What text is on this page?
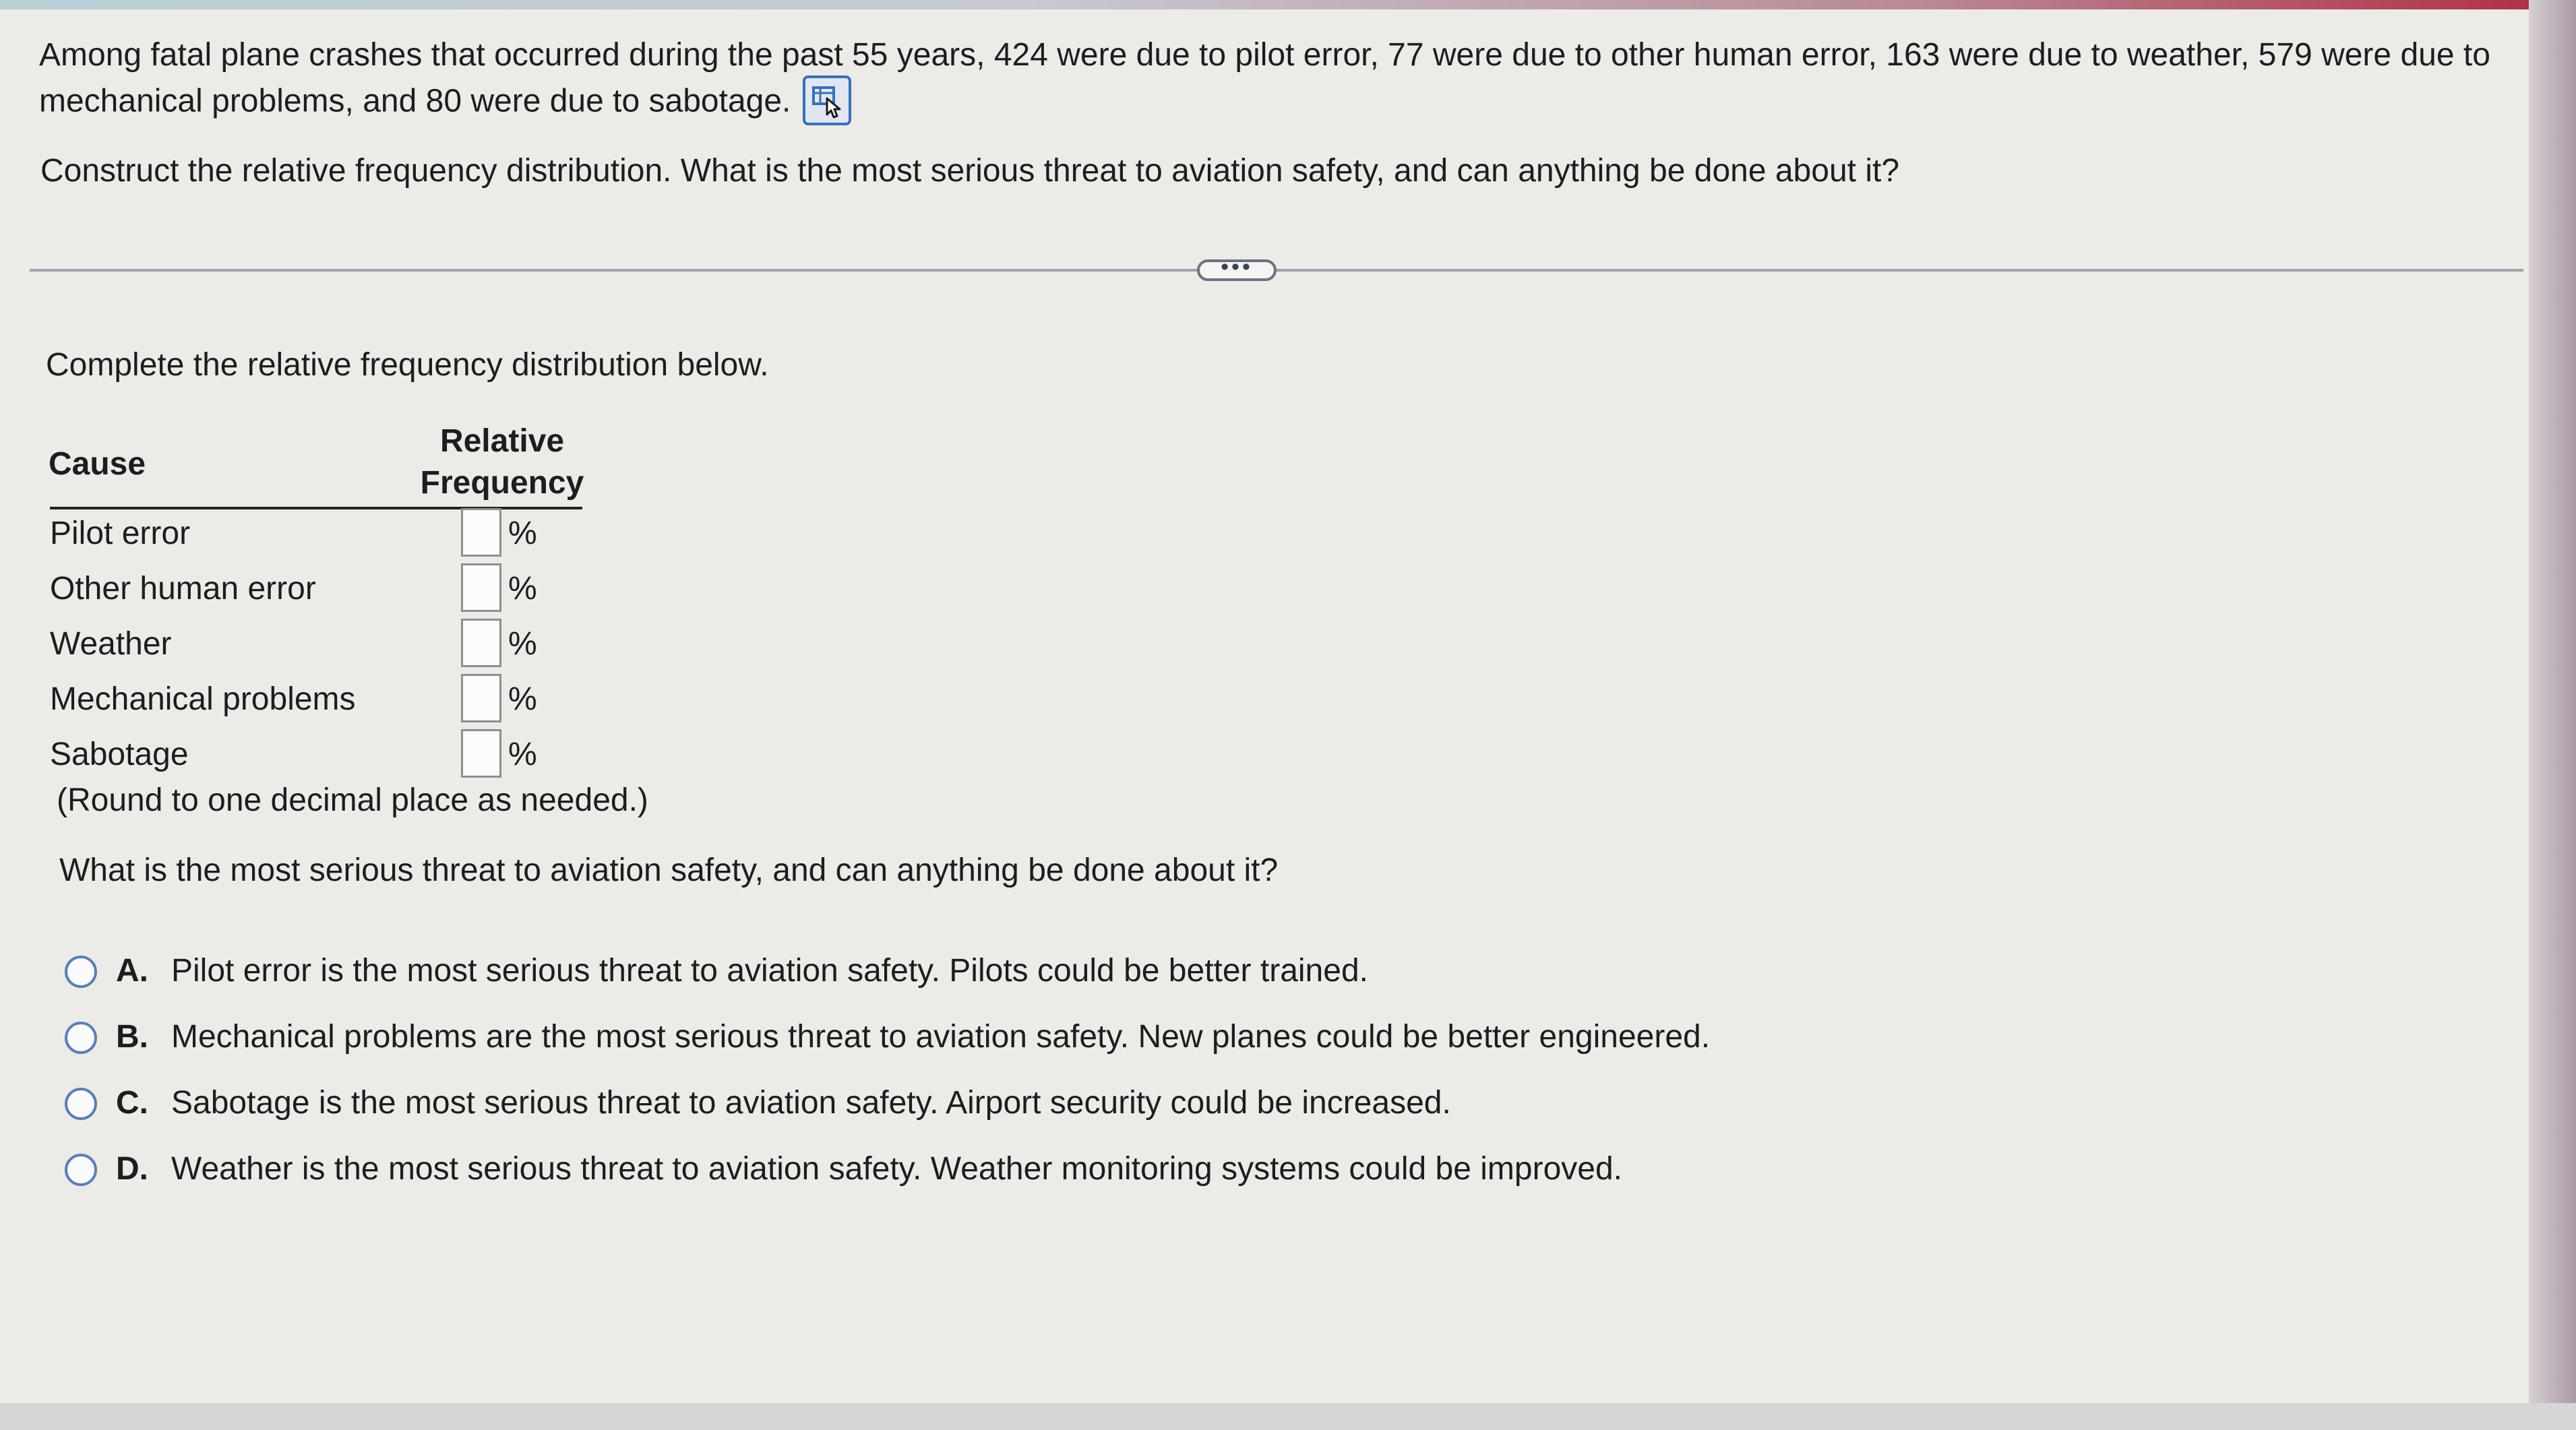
Among fatal plane crashes that occurred during the past 55 years, 424 were due to pilot error, 77 were due to other human error, 163 were due to weather, 579 were due to mechanical problems, and 80 were due to sabotage.
Construct the relative frequency distribution. What is the most serious threat to aviation safety, and can anything be done about it?
•••
Complete the relative frequency distribution below.
Cause
Relative
Frequency
Pilot error	%
Other human error	%
Weather	%
Mechanical problems	%
Sabotage	%
(Round to one decimal place as needed.)
What is the most serious threat to aviation safety, and can anything be done about it?
A. Pilot error is the most serious threat to aviation safety. Pilots could be better trained.
B. Mechanical problems are the most serious threat to aviation safety. New planes could be better engineered.
C. Sabotage is the most serious threat to aviation safety. Airport security could be increased.
D. Weather is the most serious threat to aviation safety. Weather monitoring systems could be improved.
